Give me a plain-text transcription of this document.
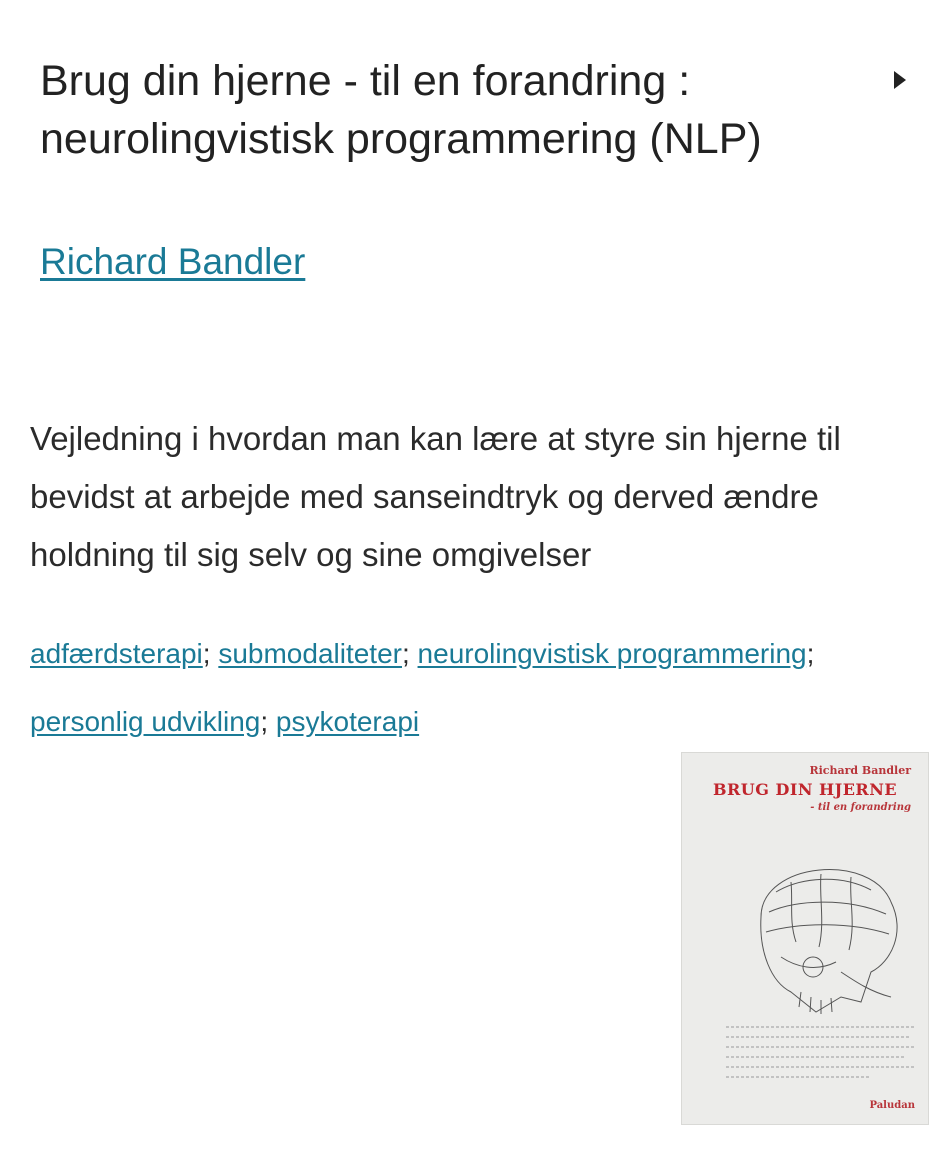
Brug din hjerne - til en forandring : neurolingvistisk programmering (NLP)
Richard Bandler

Vejledning i hvordan man kan lære at styre sin hjerne til bevidst at arbejde med sanseindtryk og derved ændre holdning til sig selv og sine omgivelser

adfærdsterapi; submodaliteter; neurolingvistisk programmering; personlig udvikling; psykoterapi
Richard Bandler
BRUG DIN HJERNE
- til en forandring
Paludan
